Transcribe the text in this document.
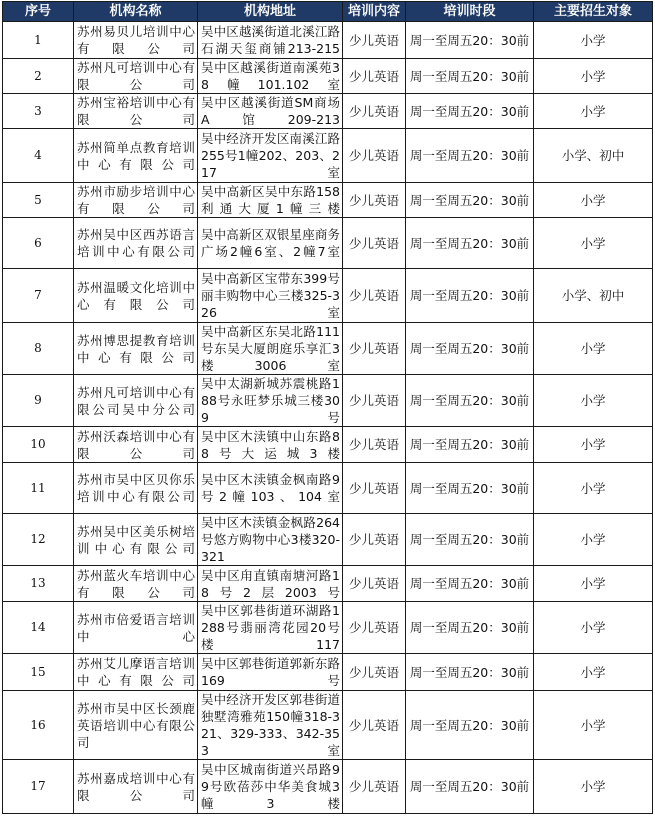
序号	机构名称	机构地址	培训内容	培训时段	主要招生对象
1	苏州易贝儿培训中心有限公司	吴中区越溪街道北溪江路石湖天玺商铺213-215	少儿英语	周一至周五20：30前	小学
2	苏州凡可培训中心有限公司	吴中区越溪街道南溪苑38幢101.102室	少儿英语	周一至周五20：30前	小学
3	苏州宝裕培训中心有限公司	吴中区越溪街道SM商场A馆209-213	少儿英语	周一至周五20：30前	小学
4	苏州简单点教育培训中心有限公司	吴中经济开发区南溪江路255号1幢202、203、217室	少儿英语	周一至周五20：30前	小学、初中
5	苏州市励步培训中心有限公司	吴中高新区吴中东路158利通大厦1幢三楼	少儿英语	周一至周五20：30前	小学
6	苏州吴中区西苏语言培训中心有限公司	吴中高新区双银星座商务广场2幢6室、2幢7室	少儿英语	周一至周五20：30前	小学
7	苏州温暖文化培训中心有限公司	吴中高新区宝带东399号丽丰购物中心三楼325-326室	少儿英语	周一至周五20：30前	小学、初中
8	苏州博思提教育培训中心有限公司	吴中高新区东吴北路111号东吴大厦朗庭乐享汇3楼3006室	少儿英语	周一至周五20：30前	小学
9	苏州凡可培训中心有限公司吴中分公司	吴中太湖新城苏震桃路188号永旺梦乐城三楼309号	少儿英语	周一至周五20：30前	小学
10	苏州沃森培训中心有限公司	吴中区木渎镇中山东路88号大运城3楼	少儿英语	周一至周五20：30前	小学
11	苏州市吴中区贝你乐培训中心有限公司	吴中区木渎镇金枫南路9号2幢103、104室	少儿英语	周一至周五20：30前	小学
12	苏州吴中区美乐树培训中心有限公司	吴中区木渎镇金枫路264号悠方购物中心3楼320-321	少儿英语	周一至周五20：30前	小学
13	苏州蓝火车培训中心有限公司	吴中区甪直镇南塘河路18号2层2003号	少儿英语	周一至周五20：30前	小学
14	苏州市倍爱语言培训中心	吴中区郭巷街道环湖路1288号翡丽湾花园20号楼117	少儿英语	周一至周五20：30前	小学
15	苏州艾儿摩语言培训中心有限公司	吴中区郭巷街道郭新东路169号	少儿英语	周一至周五20：30前	小学
16	苏州市吴中区长颈鹿英语培训中心有限公司	吴中经济开发区郭巷街道独墅湾雅苑150幢318-321、329-333、342-353室	少儿英语	周一至周五20：30前	小学
17	苏州嘉成培训中心有限公司	吴中区城南街道兴昂路99号欧蓓莎中华美食城3幢3楼	少儿英语	周一至周五20：30前	小学
